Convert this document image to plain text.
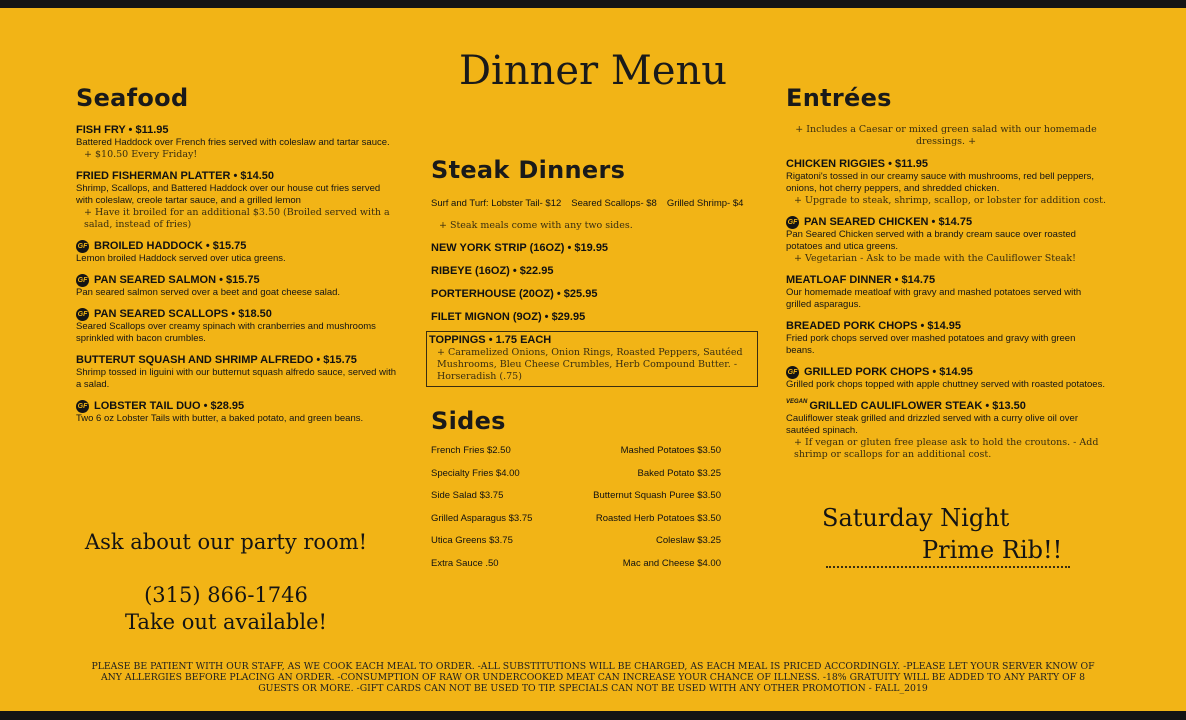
Dinner Menu
Seafood
FISH FRY • $11.95
Battered Haddock over French fries served with coleslaw and tartar sauce.
+ $10.50 Every Friday!
FRIED FISHERMAN PLATTER • $14.50
Shrimp, Scallops, and Battered Haddock over our house cut fries served with coleslaw, creole tartar sauce, and a grilled lemon
+ Have it broiled for an additional $3.50 (Broiled served with a salad, instead of fries)
GF BROILED HADDOCK • $15.75
Lemon broiled Haddock served over utica greens.
GF PAN SEARED SALMON • $15.75
Pan seared salmon served over a beet and goat cheese salad.
GF PAN SEARED SCALLOPS • $18.50
Seared Scallops over creamy spinach with cranberries and mushrooms sprinkled with bacon crumbles.
BUTTERUT SQUASH AND SHRIMP ALFREDO • $15.75
Shrimp tossed in liguini with our butternut squash alfredo sauce, served with a salad.
GF LOBSTER TAIL DUO • $28.95
Two 6 oz Lobster Tails with butter, a baked potato, and green beans.
Steak Dinners
Surf and Turf: Lobster Tail- $12 Seared Scallops- $8 Grilled Shrimp- $4
+ Steak meals come with any two sides.
NEW YORK STRIP (16OZ) • $19.95
RIBEYE (16OZ) • $22.95
PORTERHOUSE (20OZ) • $25.95
FILET MIGNON (9OZ) • $29.95
TOPPINGS • 1.75 EACH
+ Caramelized Onions, Onion Rings, Roasted Peppers, Sautéed Mushrooms, Bleu Cheese Crumbles, Herb Compound Butter. - Horseradish (.75)
Sides
French Fries $2.50	Mashed Potatoes $3.50
Specialty Fries $4.00	Baked Potato $3.25
Side Salad $3.75	Butternut Squash Puree $3.50
Grilled Asparagus $3.75	Roasted Herb Potatoes $3.50
Utica Greens $3.75	Coleslaw $3.25
Extra Sauce .50	Mac and Cheese $4.00
Entrées
+ Includes a Caesar or mixed green salad with our homemade dressings. +
CHICKEN RIGGIES • $11.95
Rigatoni's tossed in our creamy sauce with mushrooms, red bell peppers, onions, hot cherry peppers, and shredded chicken.
+ Upgrade to steak, shrimp, scallop, or lobster for addition cost.
GF PAN SEARED CHICKEN • $14.75
Pan Seared Chicken served with a brandy cream sauce over roasted potatoes and utica greens.
+ Vegetarian - Ask to be made with the Cauliflower Steak!
MEATLOAF DINNER • $14.75
Our homemade meatloaf with gravy and mashed potatoes served with grilled asparagus.
BREADED PORK CHOPS • $14.95
Fried pork chops served over mashed potatoes and gravy with green beans.
GF GRILLED PORK CHOPS • $14.95
Grilled pork chops topped with apple chuttney served with roasted potatoes.
VEGAN GRILLED CAULIFLOWER STEAK • $13.50
Cauliflower steak grilled and drizzled served with a curry olive oil over sautéed spinach.
+ If vegan or gluten free please ask to hold the croutons. - Add shrimp or scallops for an additional cost.
Ask about our party room!
(315) 866-1746
Take out available!
Saturday Night
Prime Rib!!
PLEASE BE PATIENT WITH OUR STAFF, AS WE COOK EACH MEAL TO ORDER. -ALL SUBSTITUTIONS WILL BE CHARGED, AS EACH MEAL IS PRICED ACCORDINGLY. -PLEASE LET YOUR SERVER KNOW OF ANY ALLERGIES BEFORE PLACING AN ORDER. -CONSUMPTION OF RAW OR UNDERCOOKED MEAT CAN INCREASE YOUR CHANCE OF ILLNESS. -18% GRATUITY WILL BE ADDED TO ANY PARTY OF 8 GUESTS OR MORE. -GIFT CARDS CAN NOT BE USED TO TIP. SPECIALS CAN NOT BE USED WITH ANY OTHER PROMOTION - FALL_2019
